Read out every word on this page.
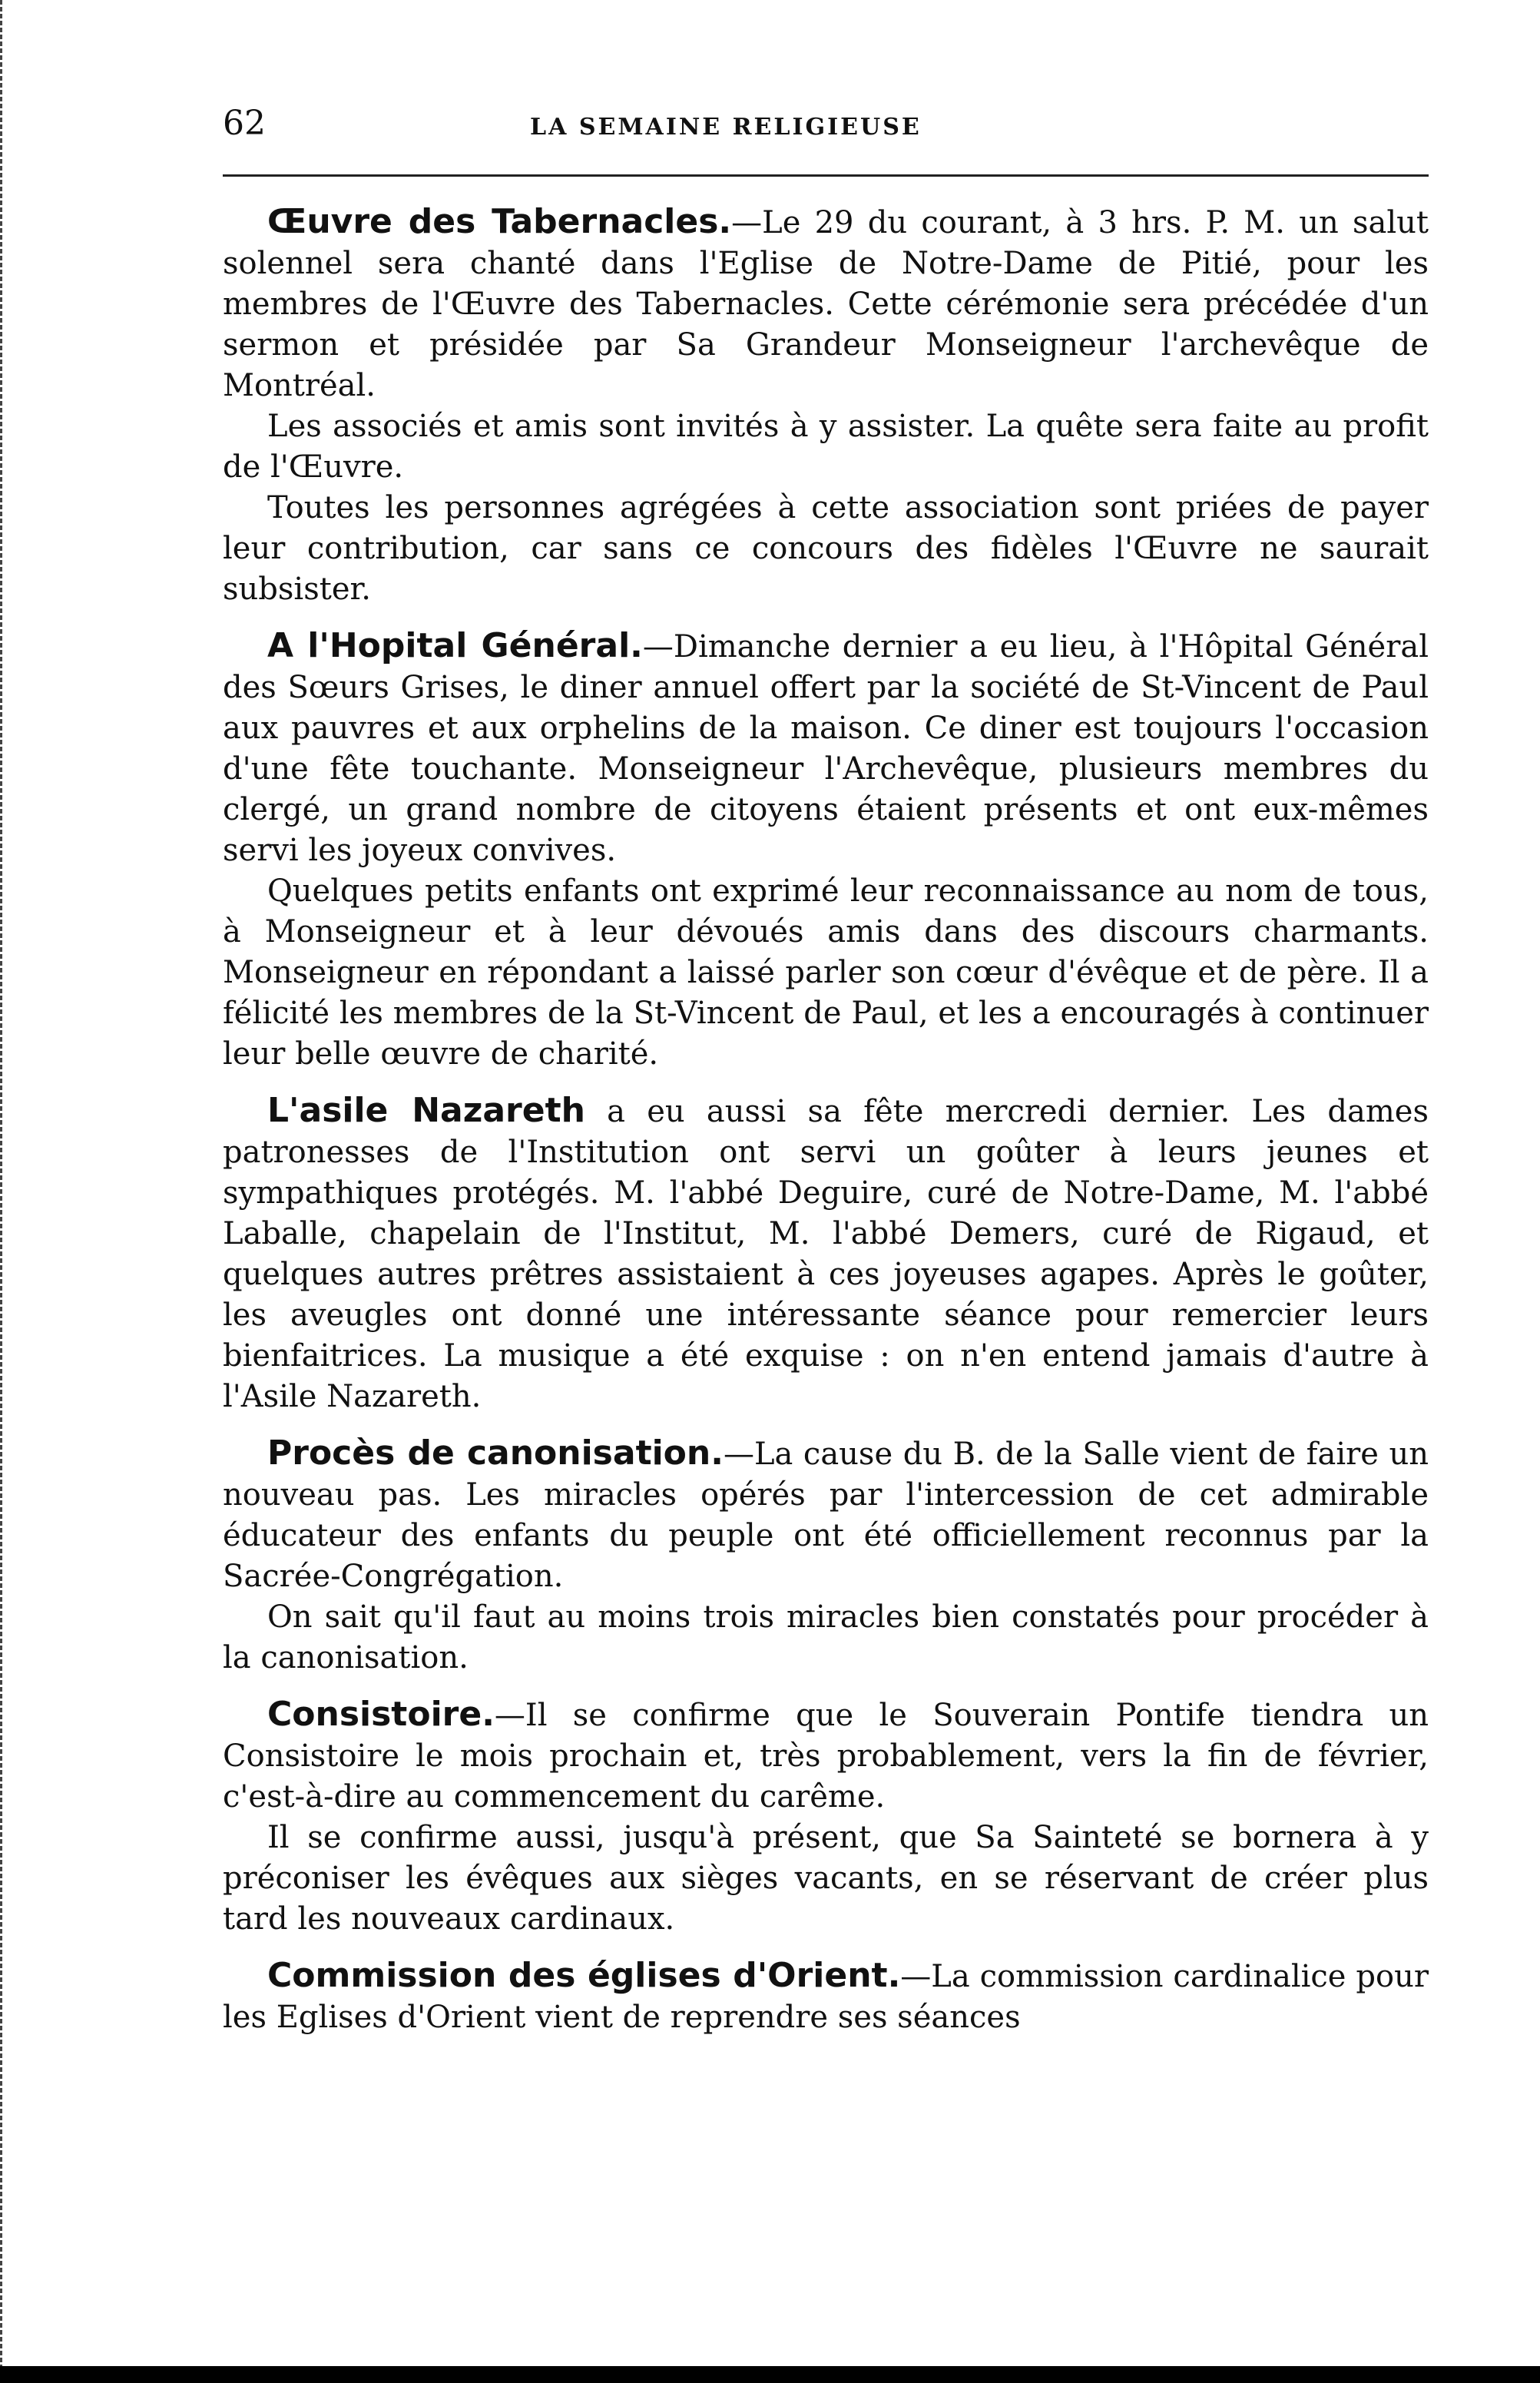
62	LA SEMAINE RELIGIEUSE

Œuvre des Tabernacles.—Le 29 du courant, à 3 hrs. P. M. un salut solennel sera chanté dans l'Eglise de Notre-Dame de Pitié, pour les membres de l'Œuvre des Tabernacles. Cette cérémonie sera précédée d'un sermon et présidée par Sa Grandeur Monseigneur l'archevêque de Montréal.

Les associés et amis sont invités à y assister. La quête sera faite au profit de l'Œuvre.

Toutes les personnes agrégées à cette association sont priées de payer leur contribution, car sans ce concours des fidèles l'Œuvre ne saurait subsister.

A l'Hopital Général.—Dimanche dernier a eu lieu, à l'Hôpital Général des Sœurs Grises, le diner annuel offert par la société de St-Vincent de Paul aux pauvres et aux orphelins de la maison. Ce diner est toujours l'occasion d'une fête touchante. Monseigneur l'Archevêque, plusieurs membres du clergé, un grand nombre de citoyens étaient présents et ont eux-mêmes servi les joyeux convives.

Quelques petits enfants ont exprimé leur reconnaissance au nom de tous, à Monseigneur et à leur dévoués amis dans des discours charmants. Monseigneur en répondant a laissé parler son cœur d'évêque et de père. Il a félicité les membres de la St-Vincent de Paul, et les a encouragés à continuer leur belle œuvre de charité.

L'asile Nazareth a eu aussi sa fête mercredi dernier. Les dames patronesses de l'Institution ont servi un goûter à leurs jeunes et sympathiques protégés. M. l'abbé Deguire, curé de Notre-Dame, M. l'abbé Laballe, chapelain de l'Institut, M. l'abbé Demers, curé de Rigaud, et quelques autres prêtres assistaient à ces joyeuses agapes. Après le goûter, les aveugles ont donné une intéressante séance pour remercier leurs bienfaitrices. La musique a été exquise : on n'en entend jamais d'autre à l'Asile Nazareth.

Procès de canonisation.—La cause du B. de la Salle vient de faire un nouveau pas. Les miracles opérés par l'intercession de cet admirable éducateur des enfants du peuple ont été officiellement reconnus par la Sacrée-Congrégation.

On sait qu'il faut au moins trois miracles bien constatés pour procéder à la canonisation.

Consistoire.—Il se confirme que le Souverain Pontife tiendra un Consistoire le mois prochain et, très probablement, vers la fin de février, c'est-à-dire au commencement du carême.

Il se confirme aussi, jusqu'à présent, que Sa Sainteté se bornera à y préconiser les évêques aux sièges vacants, en se réservant de créer plus tard les nouveaux cardinaux.

Commission des églises d'Orient.—La commission cardinalice pour les Eglises d'Orient vient de reprendre ses séances
